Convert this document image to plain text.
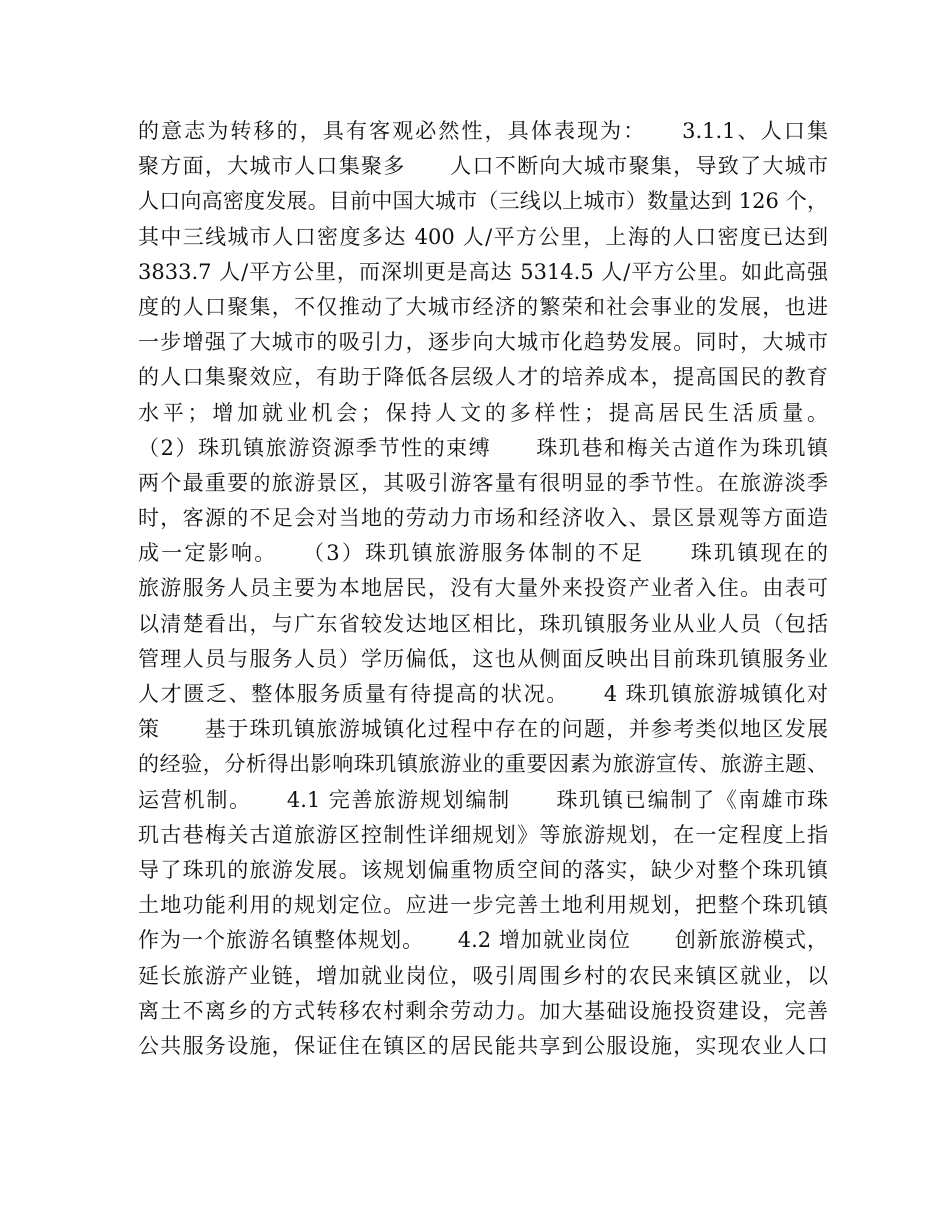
的意志为转移的，具有客观必然性，具体表现为：　　3.1.1、人口集
聚方面，大城市人口集聚多　　人口不断向大城市聚集，导致了大城市
人口向高密度发展。目前中国大城市（三线以上城市）数量达到 126 个，
其中三线城市人口密度多达 400 人/平方公里，上海的人口密度已达到
3833.7 人/平方公里，而深圳更是高达 5314.5 人/平方公里。如此高强
度的人口聚集，不仅推动了大城市经济的繁荣和社会事业的发展，也进
一步增强了大城市的吸引力，逐步向大城市化趋势发展。同时，大城市
的人口集聚效应，有助于降低各层级人才的培养成本，提高国民的教育
水平；增加就业机会；保持人文的多样性；提高居民生活质量。
（2）珠玑镇旅游资源季节性的束缚　　珠玑巷和梅关古道作为珠玑镇
两个最重要的旅游景区，其吸引游客量有很明显的季节性。在旅游淡季
时，客源的不足会对当地的劳动力市场和经济收入、景区景观等方面造
成一定影响。　　（3）珠玑镇旅游服务体制的不足　　珠玑镇现在的
旅游服务人员主要为本地居民，没有大量外来投资产业者入住。由表可
以清楚看出，与广东省较发达地区相比，珠玑镇服务业从业人员（包括
管理人员与服务人员）学历偏低，这也从侧面反映出目前珠玑镇服务业
人才匮乏、整体服务质量有待提高的状况。　　4 珠玑镇旅游城镇化对
策　　基于珠玑镇旅游城镇化过程中存在的问题，并参考类似地区发展
的经验，分析得出影响珠玑镇旅游业的重要因素为旅游宣传、旅游主题、
运营机制。　　4.1 完善旅游规划编制　　珠玑镇已编制了《南雄市珠
玑古巷梅关古道旅游区控制性详细规划》等旅游规划，在一定程度上指
导了珠玑的旅游发展。该规划偏重物质空间的落实，缺少对整个珠玑镇
土地功能利用的规划定位。应进一步完善土地利用规划，把整个珠玑镇
作为一个旅游名镇整体规划。　　4.2 增加就业岗位　　创新旅游模式，
延长旅游产业链，增加就业岗位，吸引周围乡村的农民来镇区就业，以
离土不离乡的方式转移农村剩余劳动力。加大基础设施投资建设，完善
公共服务设施，保证住在镇区的居民能共享到公服设施，实现农业人口
